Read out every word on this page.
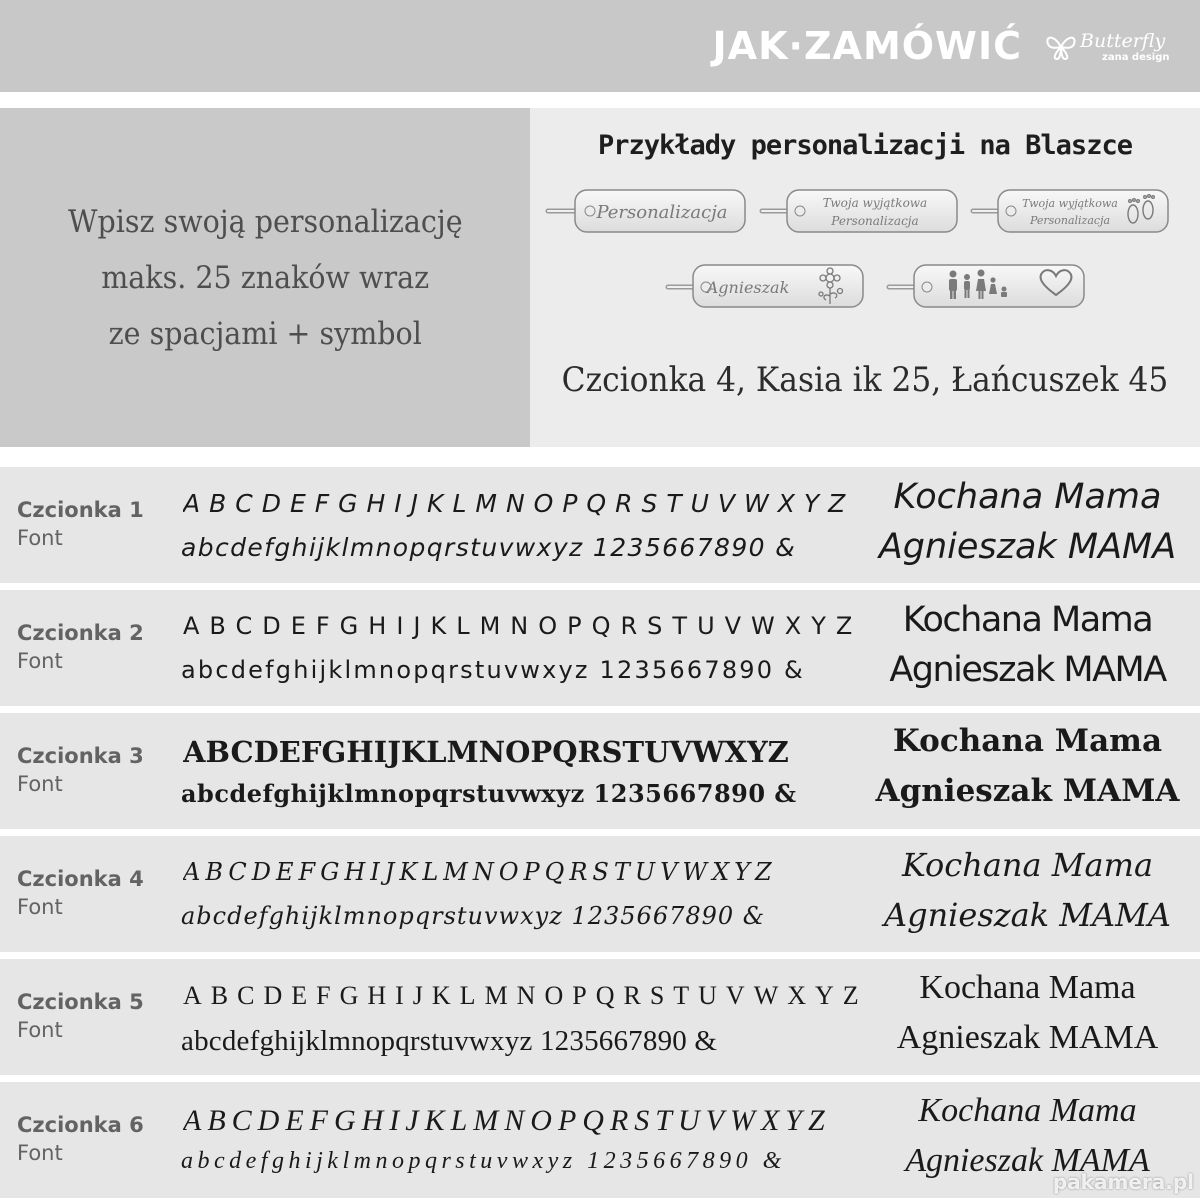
JAK·ZAMÓWIĆ	Butterfly
zana design
Wpisz swoją personalizację
maks. 25 znaków wraz
ze spacjami + symbol
Przykłady personalizacji na Blaszce
Personalizacja	Twoja wyjątkowa
Personalizacja
Twoja wyjątkowa
Personalizacja
Agnieszak
Czcionka 4, Kasia ik 25, Łańcuszek 45
Czcionka 1
Font
ABCDEFGHIJKLMNOPQRSTUVWXYZ
abcdefghijklmnopqrstuvwxyz 1235667890 &
Kochana Mama
Agnieszak MAMA
Czcionka 2
Font
ABCDEFGHIJKLMNOPQRSTUVWXYZ
abcdefghijklmnopqrstuvwxyz 1235667890 &
Kochana Mama
Agnieszak MAMA
Czcionka 3
Font
ABCDEFGHIJKLMNOPQRSTUVWXYZ
abcdefghijklmnopqrstuvwxyz 1235667890 &
Kochana Mama
Agnieszak MAMA
Czcionka 4
Font
ABCDEFGHIJKLMNOPQRSTUVWXYZ
abcdefghijklmnopqrstuvwxyz 1235667890 &
Kochana Mama
Agnieszak MAMA
Czcionka 5
Font
ABCDEFGHIJKLMNOPQRSTUVWXYZ
abcdefghijklmnopqrstuvwxyz 1235667890 &
Kochana Mama
Agnieszak MAMA
Czcionka 6
Font
ABCDEFGHIJKLMNOPQRSTUVWXYZ
abcdefghijklmnopqrstuvwxyz 1235667890 &
Kochana Mama
Agnieszak MAMA
pakamera.pl
